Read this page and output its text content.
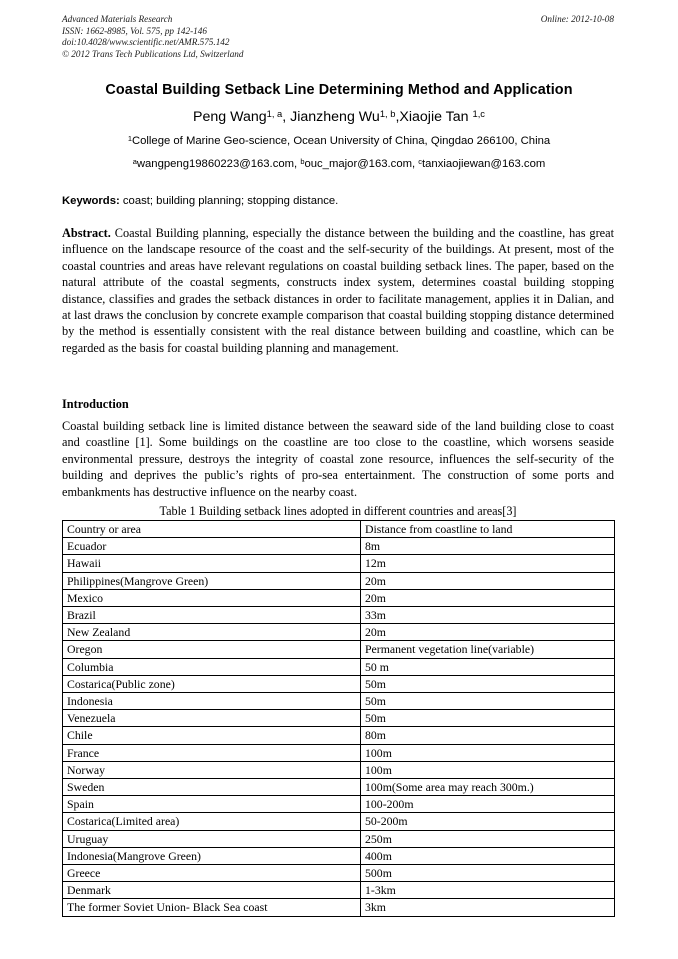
Advanced Materials Research	Online: 2012-10-08
ISSN: 1662-8985, Vol. 575, pp 142-146
doi:10.4028/www.scientific.net/AMR.575.142
© 2012 Trans Tech Publications Ltd, Switzerland
Coastal Building Setback Line Determining Method and Application
Peng Wang$^{1, a}$, Jianzheng Wu$^{1, b}$,Xiaojie Tan $^{1,c}$
$^1$College of Marine Geo-science, Ocean University of China, Qingdao 266100, China
$^a$wangpeng19860223@163.com, $^b$ouc_major@163.com, $^c$tanxiaojiewan@163.com
Keywords: coast; building planning; stopping distance.
Abstract. Coastal Building planning, especially the distance between the building and the coastline, has great influence on the landscape resource of the coast and the self-security of the buildings. At present, most of the coastal countries and areas have relevant regulations on coastal building setback lines. The paper, based on the natural attribute of the coastal segments, constructs index system, determines coastal building stopping distance, classifies and grades the setback distances in order to facilitate management, applies it in Dalian, and at last draws the conclusion by concrete example comparison that coastal building stopping distance determined by the method is essentially consistent with the real distance between building and coastline, which can be regarded as the basis for coastal building planning and management.
Introduction
Coastal building setback line is limited distance between the seaward side of the land building close to coast and coastline [1]. Some buildings on the coastline are too close to the coastline, which worsens seaside environmental pressure, destroys the integrity of coastal zone resource, influences the self-security of the building and deprives the public’s rights of pro-sea entertainment. The construction of some ports and embankments has destructive influence on the nearby coast.
Table 1 Building setback lines adopted in different countries and areas[3]
Country or area	Distance from coastline to land
Ecuador	8m
Hawaii	12m
Philippines(Mangrove Green)	20m
Mexico	20m
Brazil	33m
New Zealand	20m
Oregon	Permanent vegetation line(variable)
Columbia	50 m
Costarica(Public zone)	50m
Indonesia	50m
Venezuela	50m
Chile	80m
France	100m
Norway	100m
Sweden	100m(Some area may reach 300m.)
Spain	100-200m
Costarica(Limited area)	50-200m
Uruguay	250m
Indonesia(Mangrove Green)	400m
Greece	500m
Denmark	1-3km
The former Soviet Union- Black Sea coast	3km
